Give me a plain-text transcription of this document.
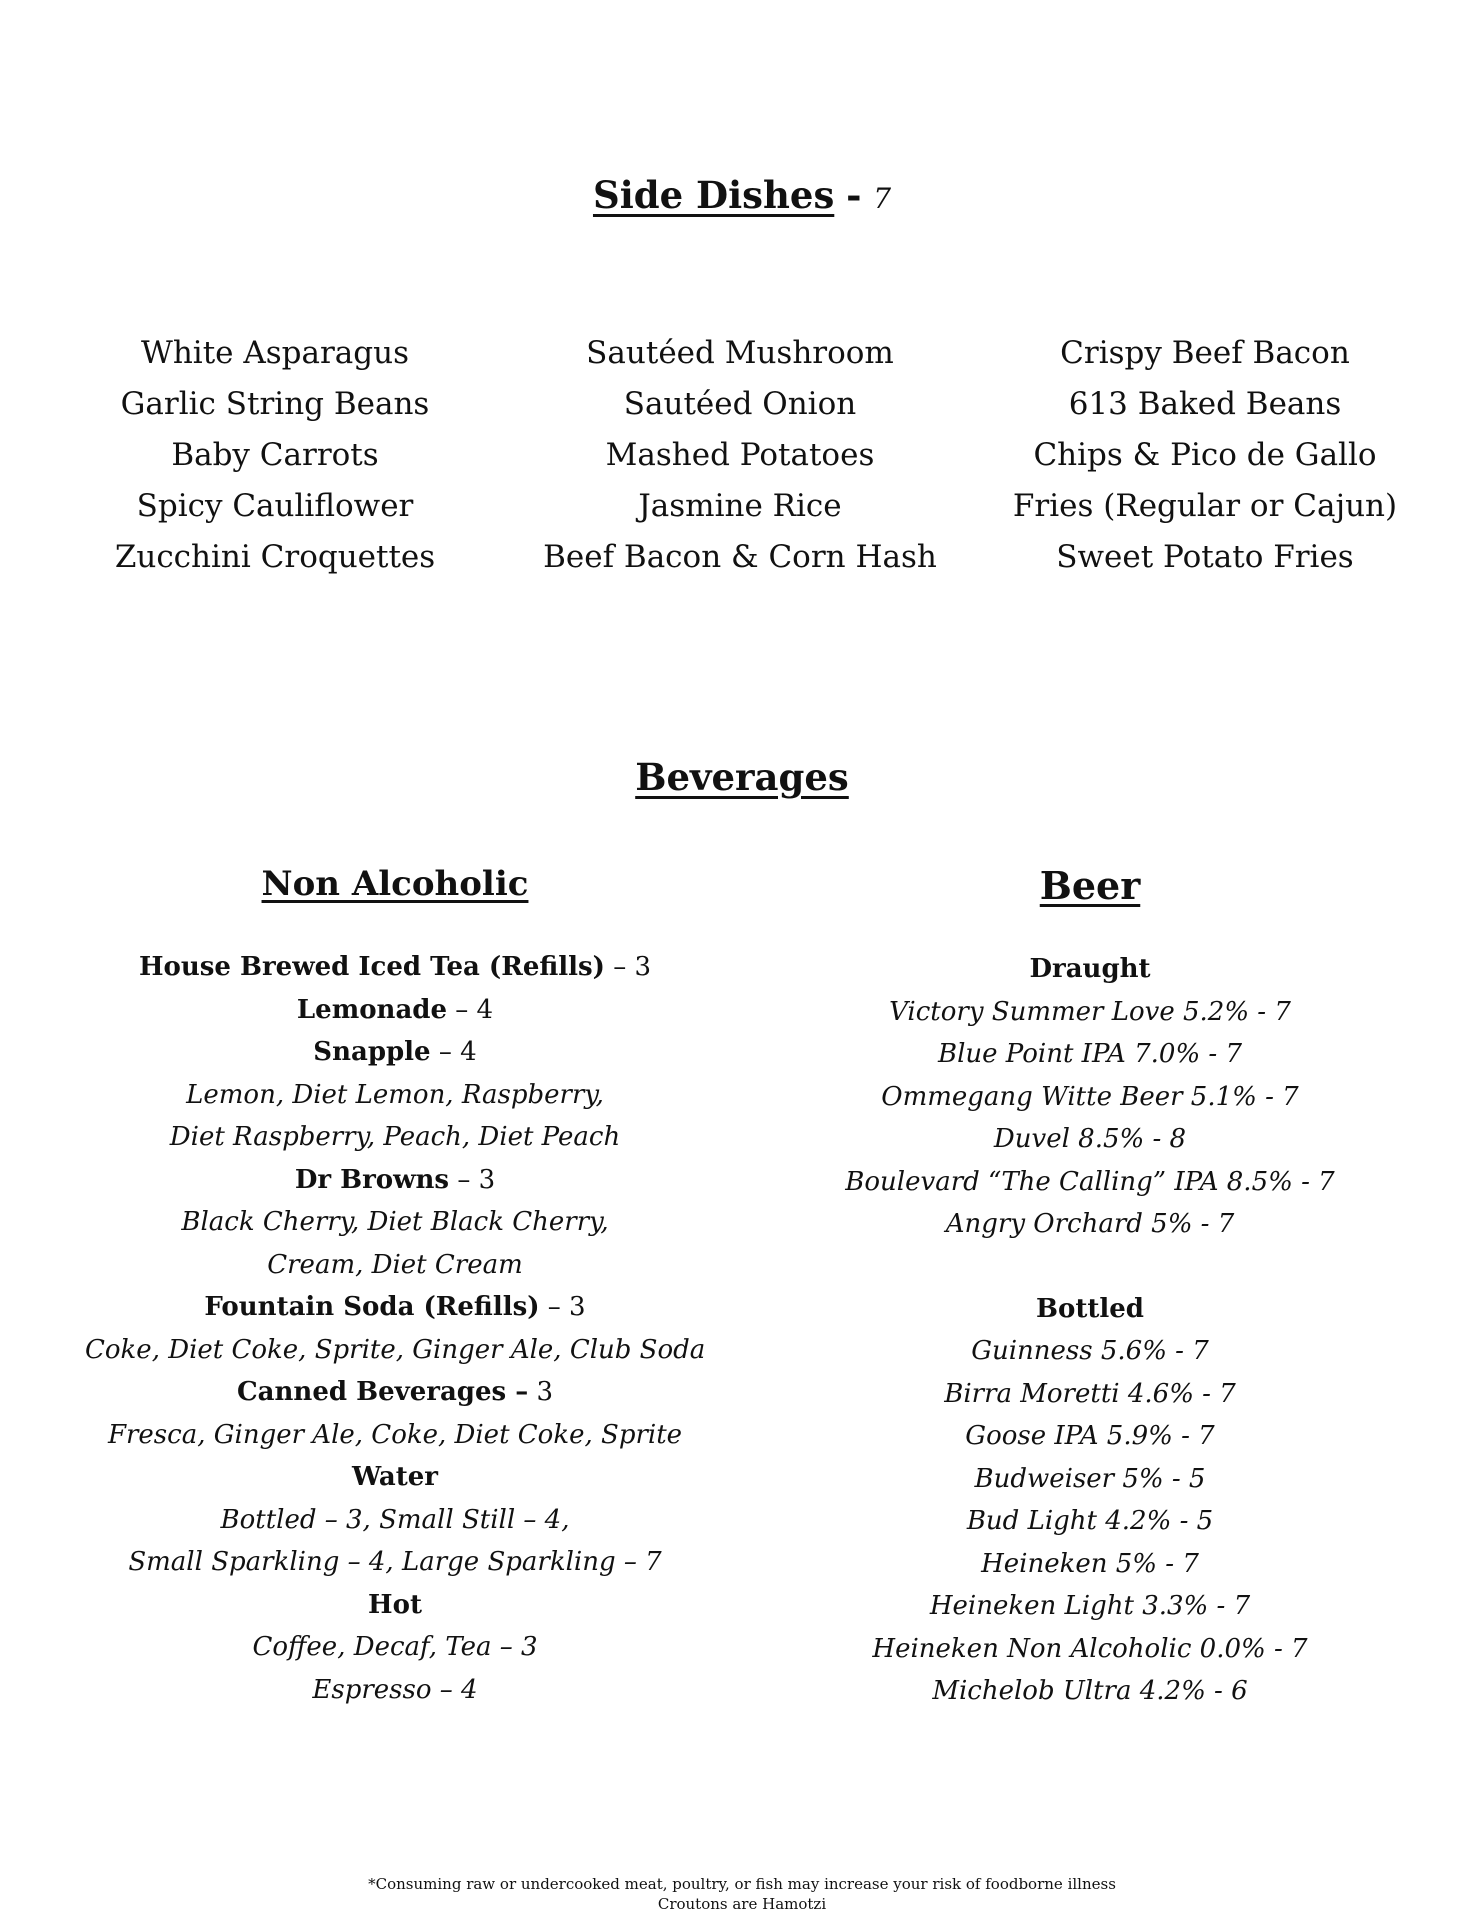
Side Dishes - 7
White Asparagus
Garlic String Beans
Baby Carrots
Spicy Cauliflower
Zucchini Croquettes
Sautéed Mushroom
Sautéed Onion
Mashed Potatoes
Jasmine Rice
Beef Bacon & Corn Hash
Crispy Beef Bacon
613 Baked Beans
Chips & Pico de Gallo
Fries (Regular or Cajun)
Sweet Potato Fries
Beverages
Non Alcoholic
House Brewed Iced Tea (Refills) – 3
Lemonade – 4
Snapple – 4
Lemon, Diet Lemon, Raspberry,
Diet Raspberry, Peach, Diet Peach
Dr Browns – 3
Black Cherry, Diet Black Cherry,
Cream, Diet Cream
Fountain Soda (Refills) – 3
Coke, Diet Coke, Sprite, Ginger Ale, Club Soda
Canned Beverages – 3
Fresca, Ginger Ale, Coke, Diet Coke, Sprite
Water
Bottled – 3, Small Still – 4,
Small Sparkling – 4, Large Sparkling – 7
Hot
Coffee, Decaf, Tea – 3
Espresso – 4
Beer
Draught
Victory Summer Love 5.2% - 7
Blue Point IPA 7.0% - 7
Ommegang Witte Beer 5.1% - 7
Duvel 8.5% - 8
Boulevard “The Calling” IPA 8.5% - 7
Angry Orchard 5% - 7
Bottled
Guinness 5.6% - 7
Birra Moretti 4.6% - 7
Goose IPA 5.9% - 7
Budweiser 5% - 5
Bud Light 4.2% - 5
Heineken 5% - 7
Heineken Light 3.3% - 7
Heineken Non Alcoholic 0.0% - 7
Michelob Ultra 4.2% - 6
*Consuming raw or undercooked meat, poultry, or fish may increase your risk of foodborne illness
Croutons are Hamotzi
